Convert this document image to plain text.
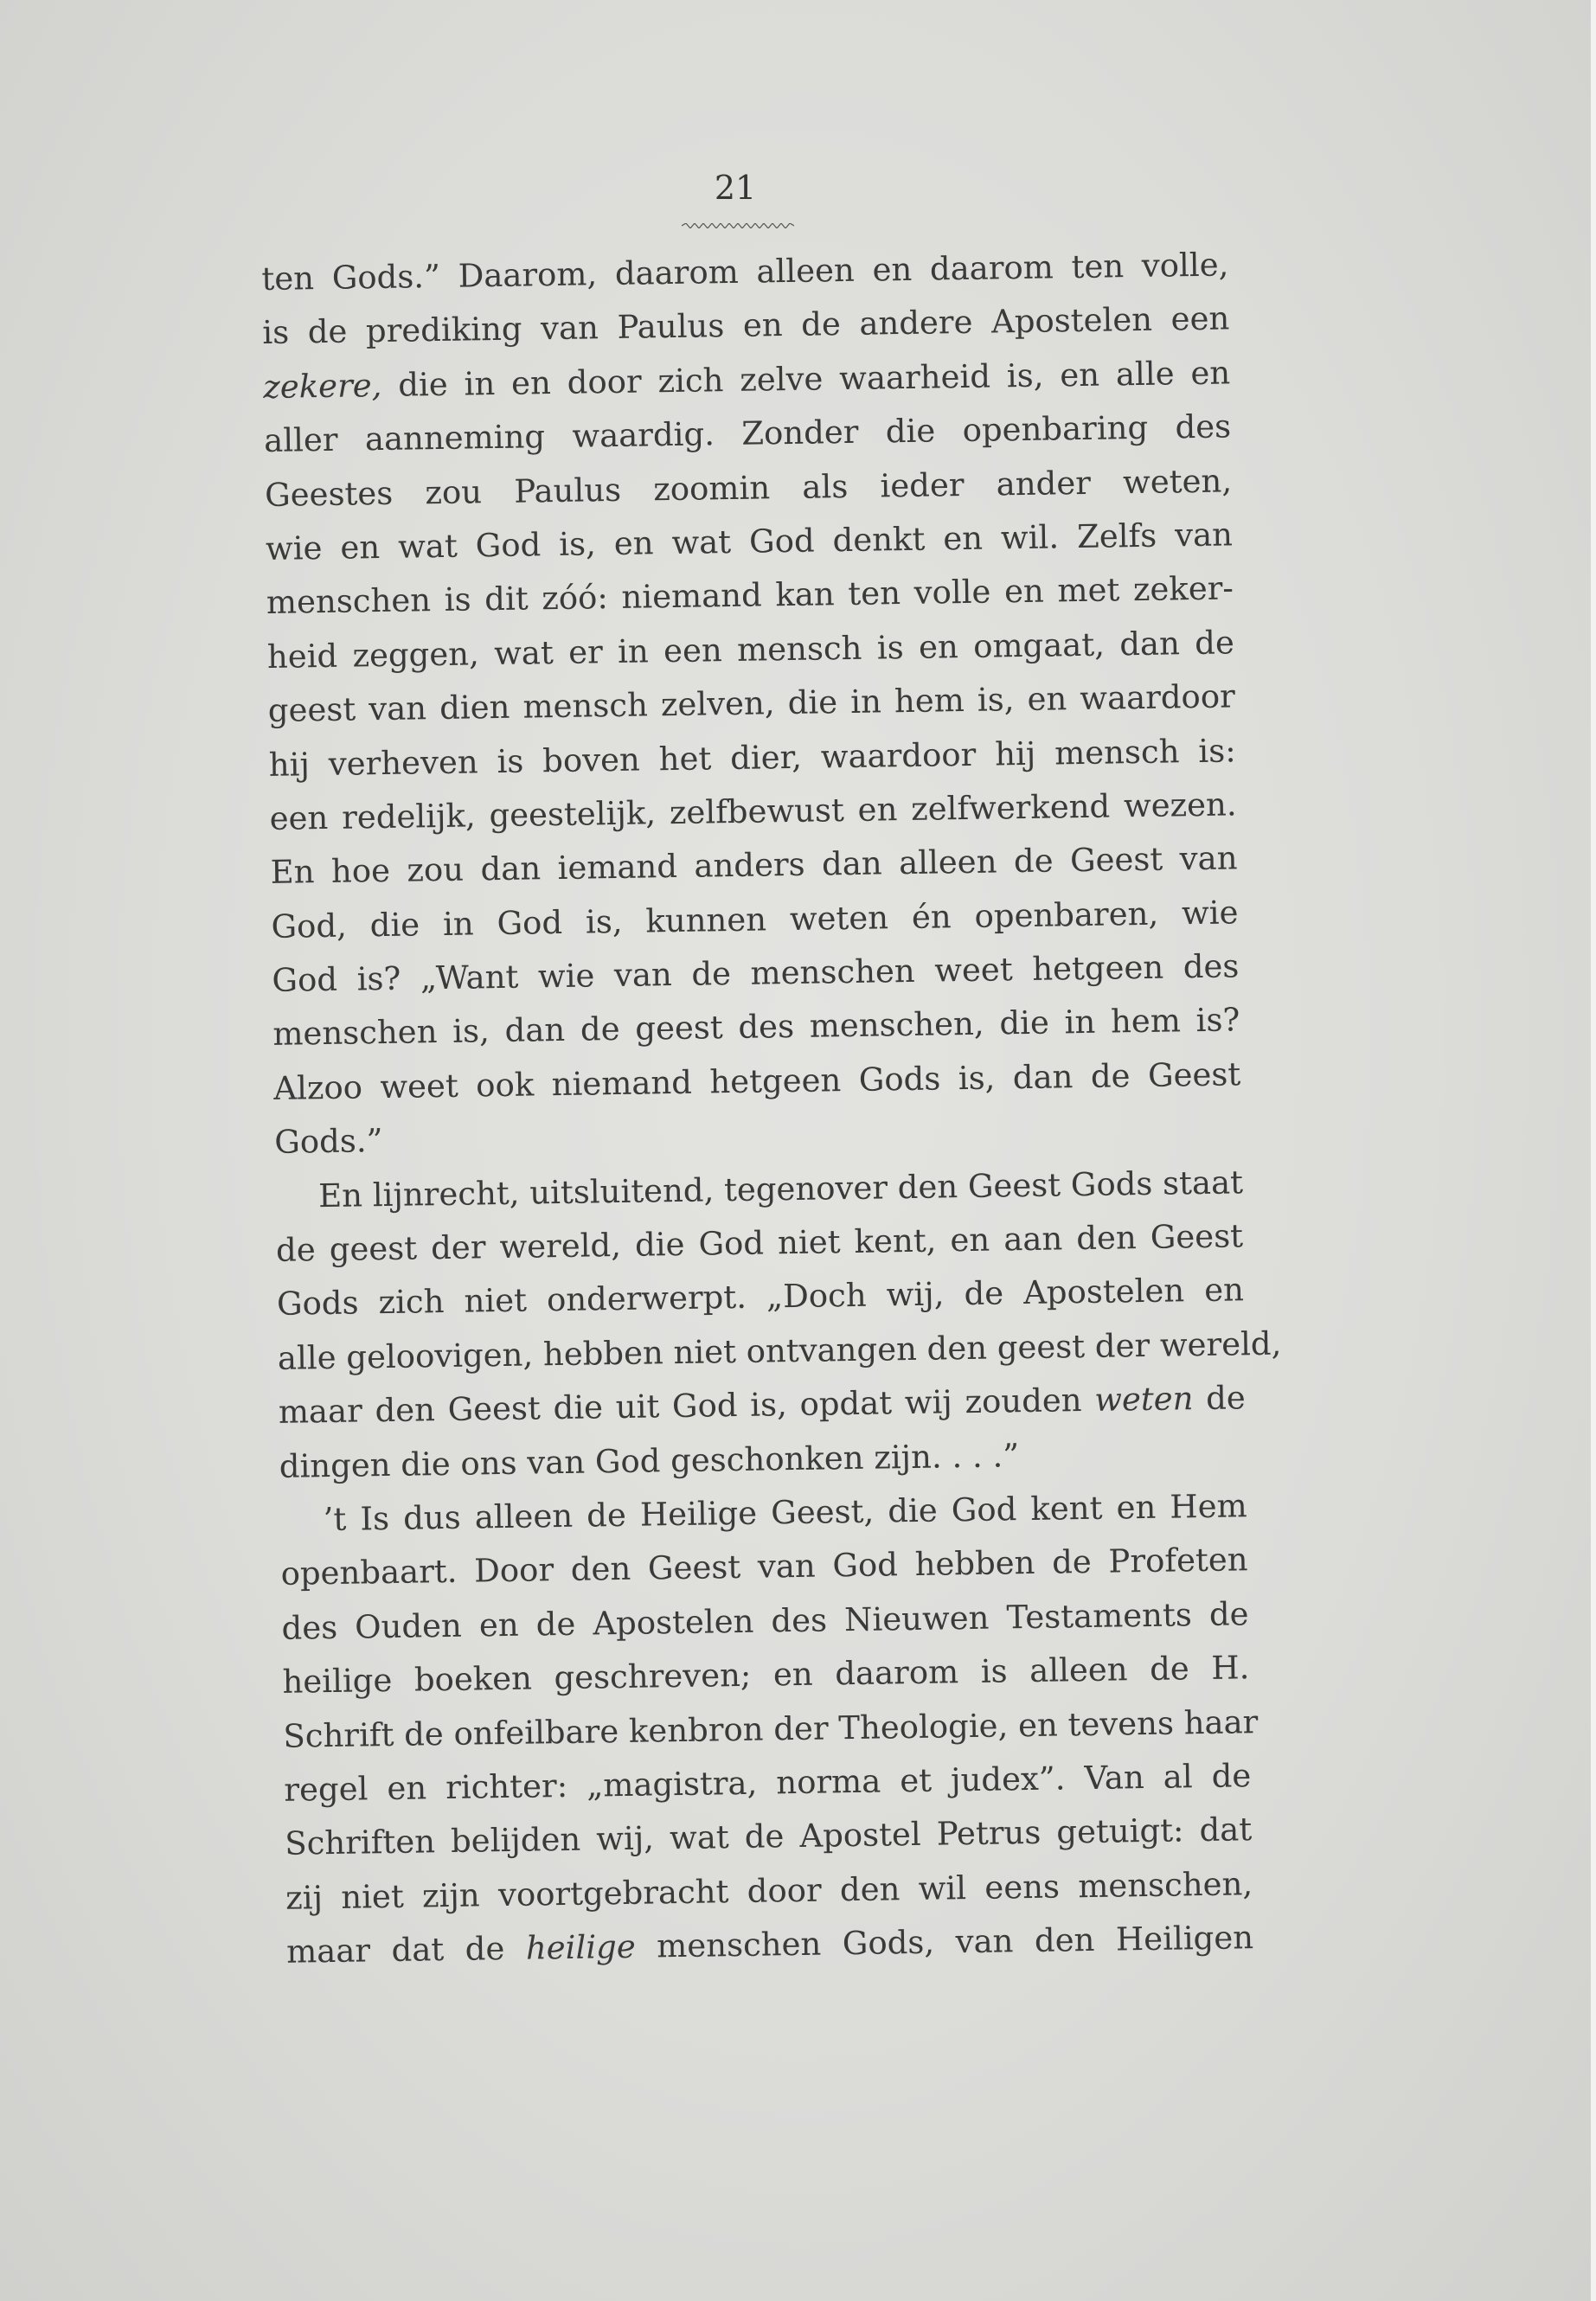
21
ten Gods.” Daarom, daarom alleen en daarom ten volle,
is de prediking van Paulus en de andere Apostelen een
zekere, die in en door zich zelve waarheid is, en alle en
aller aanneming waardig. Zonder die openbaring des
Geestes zou Paulus zoomin als ieder ander weten,
wie en wat God is, en wat God denkt en wil. Zelfs van
menschen is dit zóó: niemand kan ten volle en met zeker-
heid zeggen, wat er in een mensch is en omgaat, dan de
geest van dien mensch zelven, die in hem is, en waardoor
hij verheven is boven het dier, waardoor hij mensch is:
een redelijk, geestelijk, zelfbewust en zelfwerkend wezen.
En hoe zou dan iemand anders dan alleen de Geest van
God, die in God is, kunnen weten én openbaren, wie
God is? „Want wie van de menschen weet hetgeen des
menschen is, dan de geest des menschen, die in hem is?
Alzoo weet ook niemand hetgeen Gods is, dan de Geest
Gods.”
En lijnrecht, uitsluitend, tegenover den Geest Gods staat
de geest der wereld, die God niet kent, en aan den Geest
Gods zich niet onderwerpt. „Doch wij, de Apostelen en
alle geloovigen, hebben niet ontvangen den geest der wereld,
maar den Geest die uit God is, opdat wij zouden weten de
dingen die ons van God geschonken zijn. . . .”
’t Is dus alleen de Heilige Geest, die God kent en Hem
openbaart. Door den Geest van God hebben de Profeten
des Ouden en de Apostelen des Nieuwen Testaments de
heilige boeken geschreven; en daarom is alleen de H.
Schrift de onfeilbare kenbron der Theologie, en tevens haar
regel en richter: „magistra, norma et judex”. Van al de
Schriften belijden wij, wat de Apostel Petrus getuigt: dat
zij niet zijn voortgebracht door den wil eens menschen,
maar dat de heilige menschen Gods, van den Heiligen
